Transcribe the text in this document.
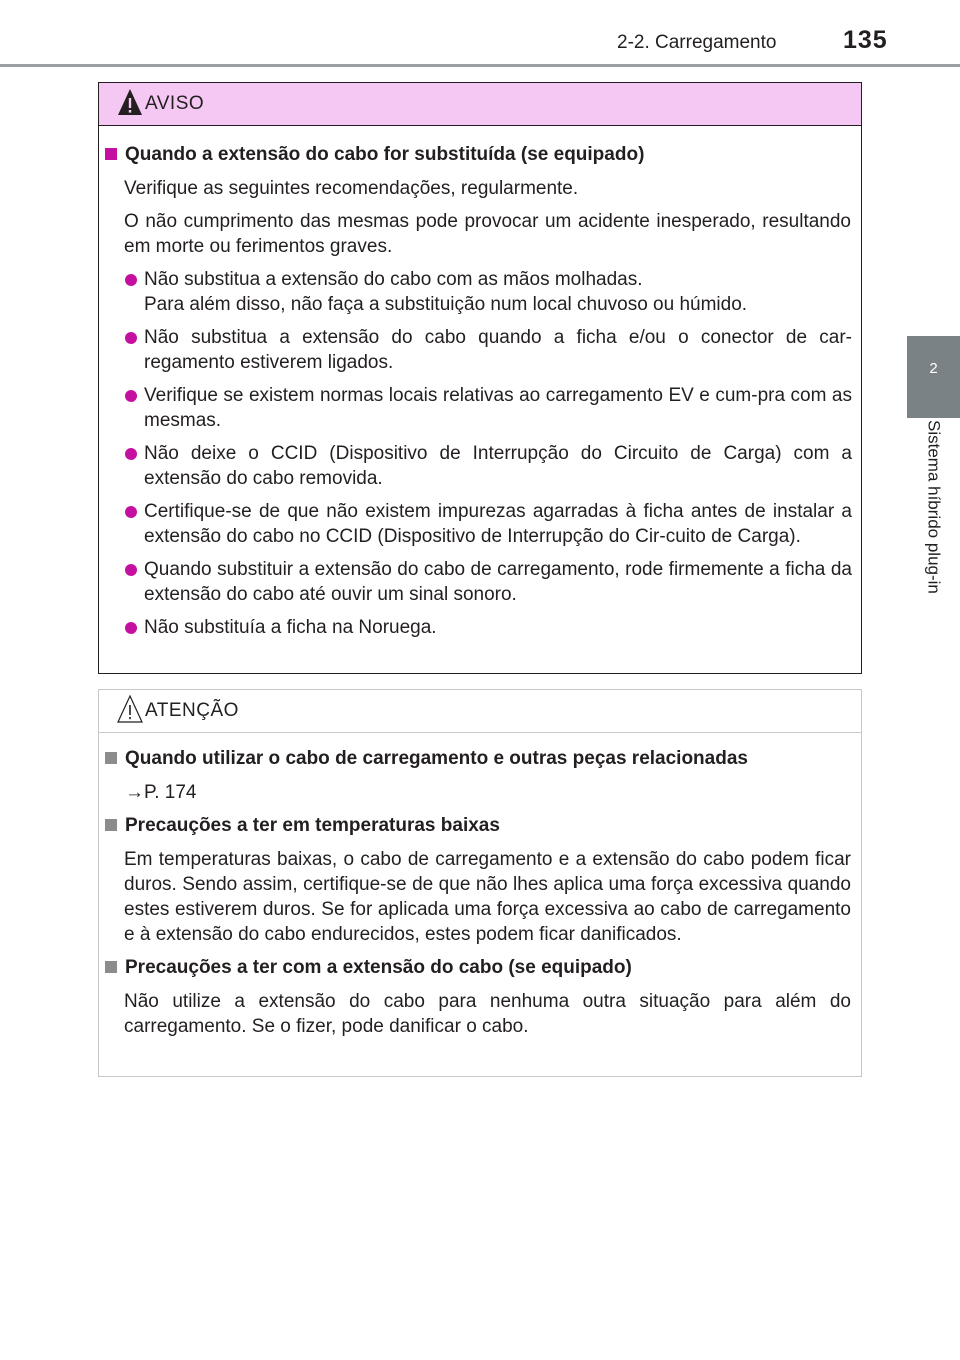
2-2. Carregamento	135
2
Sistema híbrido plug-in
AVISO
Quando a extensão do cabo for substituída (se equipado)
Verifique as seguintes recomendações, regularmente.
O não cumprimento das mesmas pode provocar um acidente inesperado, resultando em morte ou ferimentos graves.
Não substitua a extensão do cabo com as mãos molhadas.
Para além disso, não faça a substituição num local chuvoso ou húmido.
Não substitua a extensão do cabo quando a ficha e/ou o conector de car-regamento estiverem ligados.
Verifique se existem normas locais relativas ao carregamento EV e cum-pra com as mesmas.
Não deixe o CCID (Dispositivo de Interrupção do Circuito de Carga) com a extensão do cabo removida.
Certifique-se de que não existem impurezas agarradas à ficha antes de instalar a extensão do cabo no CCID (Dispositivo de Interrupção do Cir-cuito de Carga).
Quando substituir a extensão do cabo de carregamento, rode firmemente a ficha da extensão do cabo até ouvir um sinal sonoro.
Não substituía a ficha na Noruega.
ATENÇÃO
Quando utilizar o cabo de carregamento e outras peças relacionadas
→P. 174
Precauções a ter em temperaturas baixas
Em temperaturas baixas, o cabo de carregamento e a extensão do cabo podem ficar duros. Sendo assim, certifique-se de que não lhes aplica uma força excessiva quando estes estiverem duros. Se for aplicada uma força excessiva ao cabo de carregamento e à extensão do cabo endurecidos, estes podem ficar danificados.
Precauções a ter com a extensão do cabo (se equipado)
Não utilize a extensão do cabo para nenhuma outra situação para além do carregamento. Se o fizer, pode danificar o cabo.
